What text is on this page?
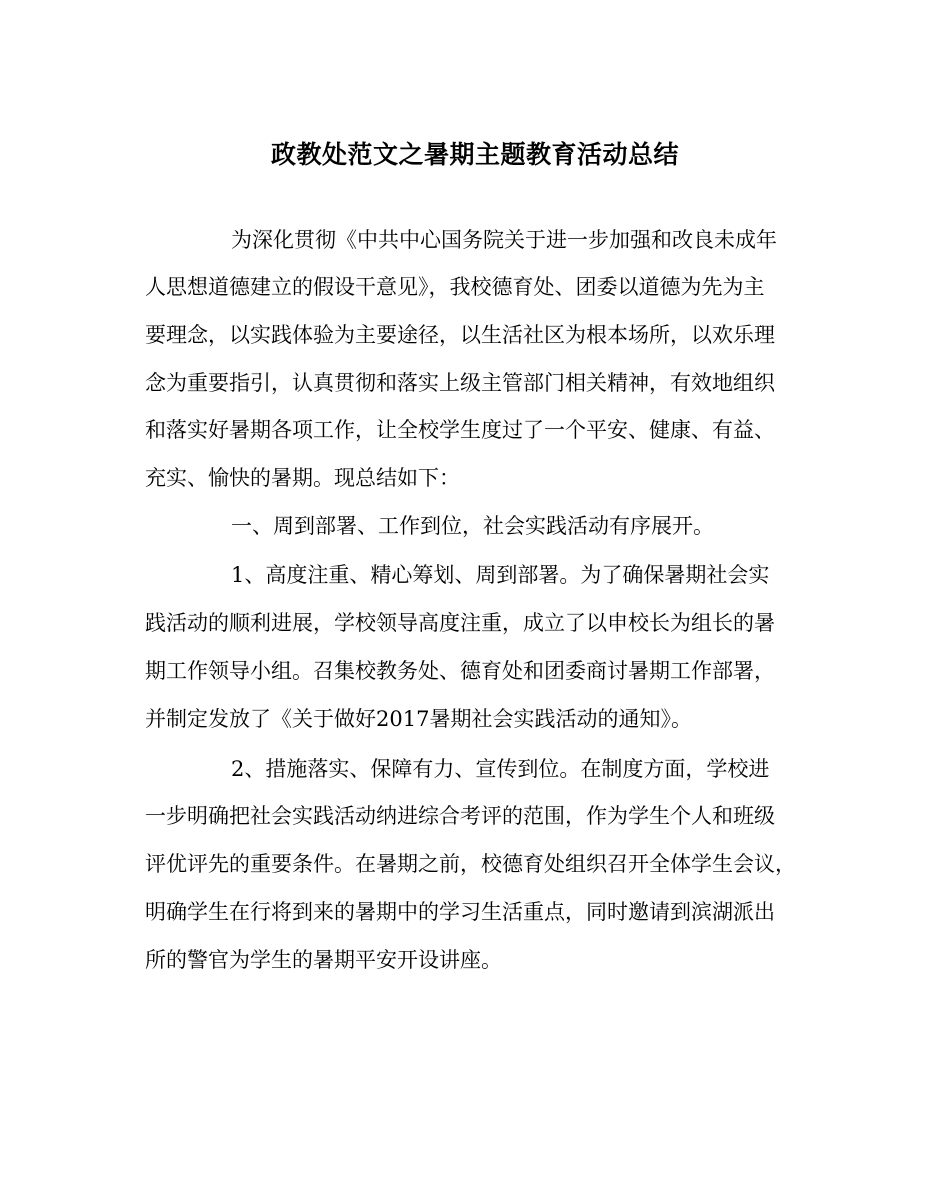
政教处范文之暑期主题教育活动总结
为深化贯彻《中共中心国务院关于进一步加强和改良未成年
人思想道德建立的假设干意见》，我校德育处、团委以道德为先为主
要理念，以实践体验为主要途径，以生活社区为根本场所，以欢乐理
念为重要指引，认真贯彻和落实上级主管部门相关精神，有效地组织
和落实好暑期各项工作，让全校学生度过了一个平安、健康、有益、
充实、愉快的暑期。现总结如下：
一、周到部署、工作到位，社会实践活动有序展开。
1、高度注重、精心筹划、周到部署。为了确保暑期社会实
践活动的顺利进展，学校领导高度注重，成立了以申校长为组长的暑
期工作领导小组。召集校教务处、德育处和团委商讨暑期工作部署，
并制定发放了《关于做好2017暑期社会实践活动的通知》。
2、措施落实、保障有力、宣传到位。在制度方面，学校进
一步明确把社会实践活动纳进综合考评的范围，作为学生个人和班级
评优评先的重要条件。在暑期之前，校德育处组织召开全体学生会议，
明确学生在行将到来的暑期中的学习生活重点，同时邀请到滨湖派出
所的警官为学生的暑期平安开设讲座。
